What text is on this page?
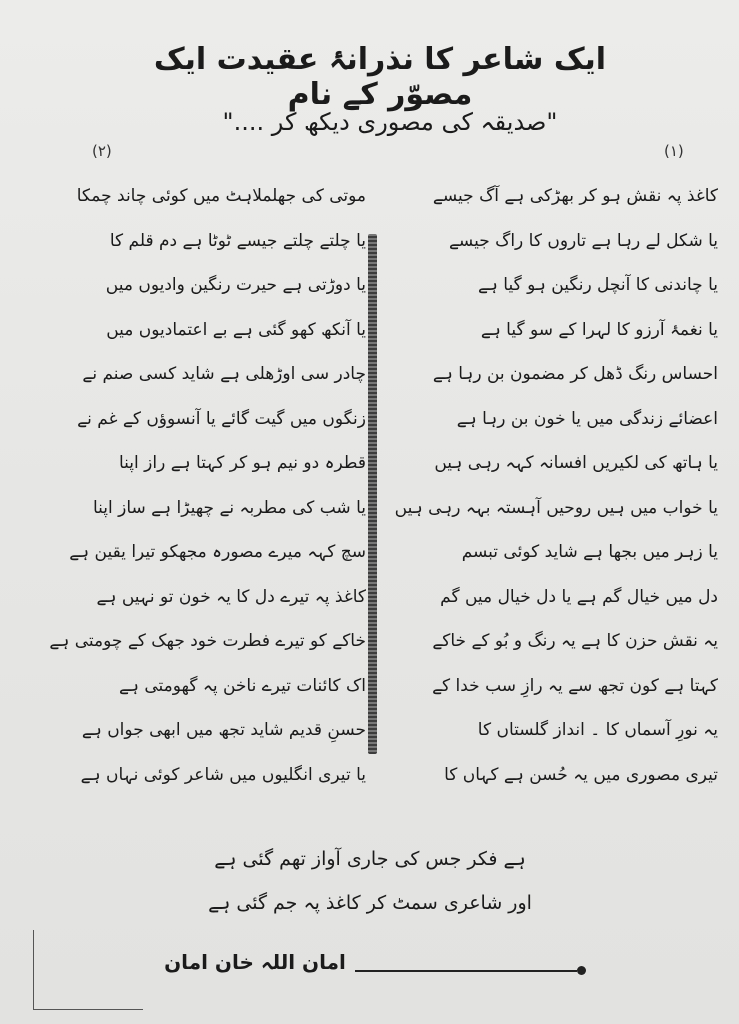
ایک شاعر کا نذرانۂ عقیدت ایک مصوّر کے نام
"صدیقہ کی مصوری دیکھ کر ...."
(۱)
(۲)
کاغذ پہ نقش ہو کر بھڑکی ہے آگ جیسے
یا شکل لے رہا ہے تاروں کا راگ جیسے
یا چاندنی کا آنچل رنگین ہو گیا ہے
یا نغمۂ آرزو کا لہرا کے سو گیا ہے
احساس رنگ ڈھل کر مضمون بن رہا ہے
اعضائے زندگی میں یا خون بن رہا ہے
یا ہاتھ کی لکیریں افسانہ کہہ رہی ہیں
یا خواب میں ہیں روحیں آہستہ بہہ رہی ہیں
یا زہر میں بجھا ہے شاید کوئی تبسم
دل میں خیال گم ہے یا دل خیال میں گم
یہ نقش حزن کا ہے یہ رنگ و بُو کے خاکے
کہتا ہے کون تجھ سے یہ رازِ سب خدا کے
یہ نورِ آسماں کا ۔ انداز گلستاں کا
تیری مصوری میں یہ حُسن ہے کہاں کا
موتی کی جھلملاہٹ میں کوئی چاند چمکا
یا چلتے چلتے جیسے ٹوٹا ہے دم قلم کا
یا دوڑتی ہے حیرت رنگین وادیوں میں
یا آنکھ کھو گئی ہے بے اعتمادیوں میں
چادر سی اوڑھلی ہے شاید کسی صنم نے
زنگوں میں گیت گائے یا آنسوؤں کے غم نے
قطرہ دو نیم ہو کر کہتا ہے راز اپنا
یا شب کی مطربہ نے چھیڑا ہے ساز اپنا
سچ کہہ میرے مصورہ مجھکو تیرا یقین ہے
کاغذ پہ تیرے دل کا یہ خون تو نہیں ہے
خاکے کو تیرے فطرت خود جھک کے چومتی ہے
اک کائنات تیرے ناخن پہ گھومتی ہے
حسنِ قدیم شاید تجھ میں ابھی جواں ہے
یا تیری انگلیوں میں شاعر کوئی نہاں ہے
ہے فکر جس کی جاری آواز تھم گئی ہے
اور شاعری سمٹ کر کاغذ پہ جم گئی ہے
امان اللہ خان امان
